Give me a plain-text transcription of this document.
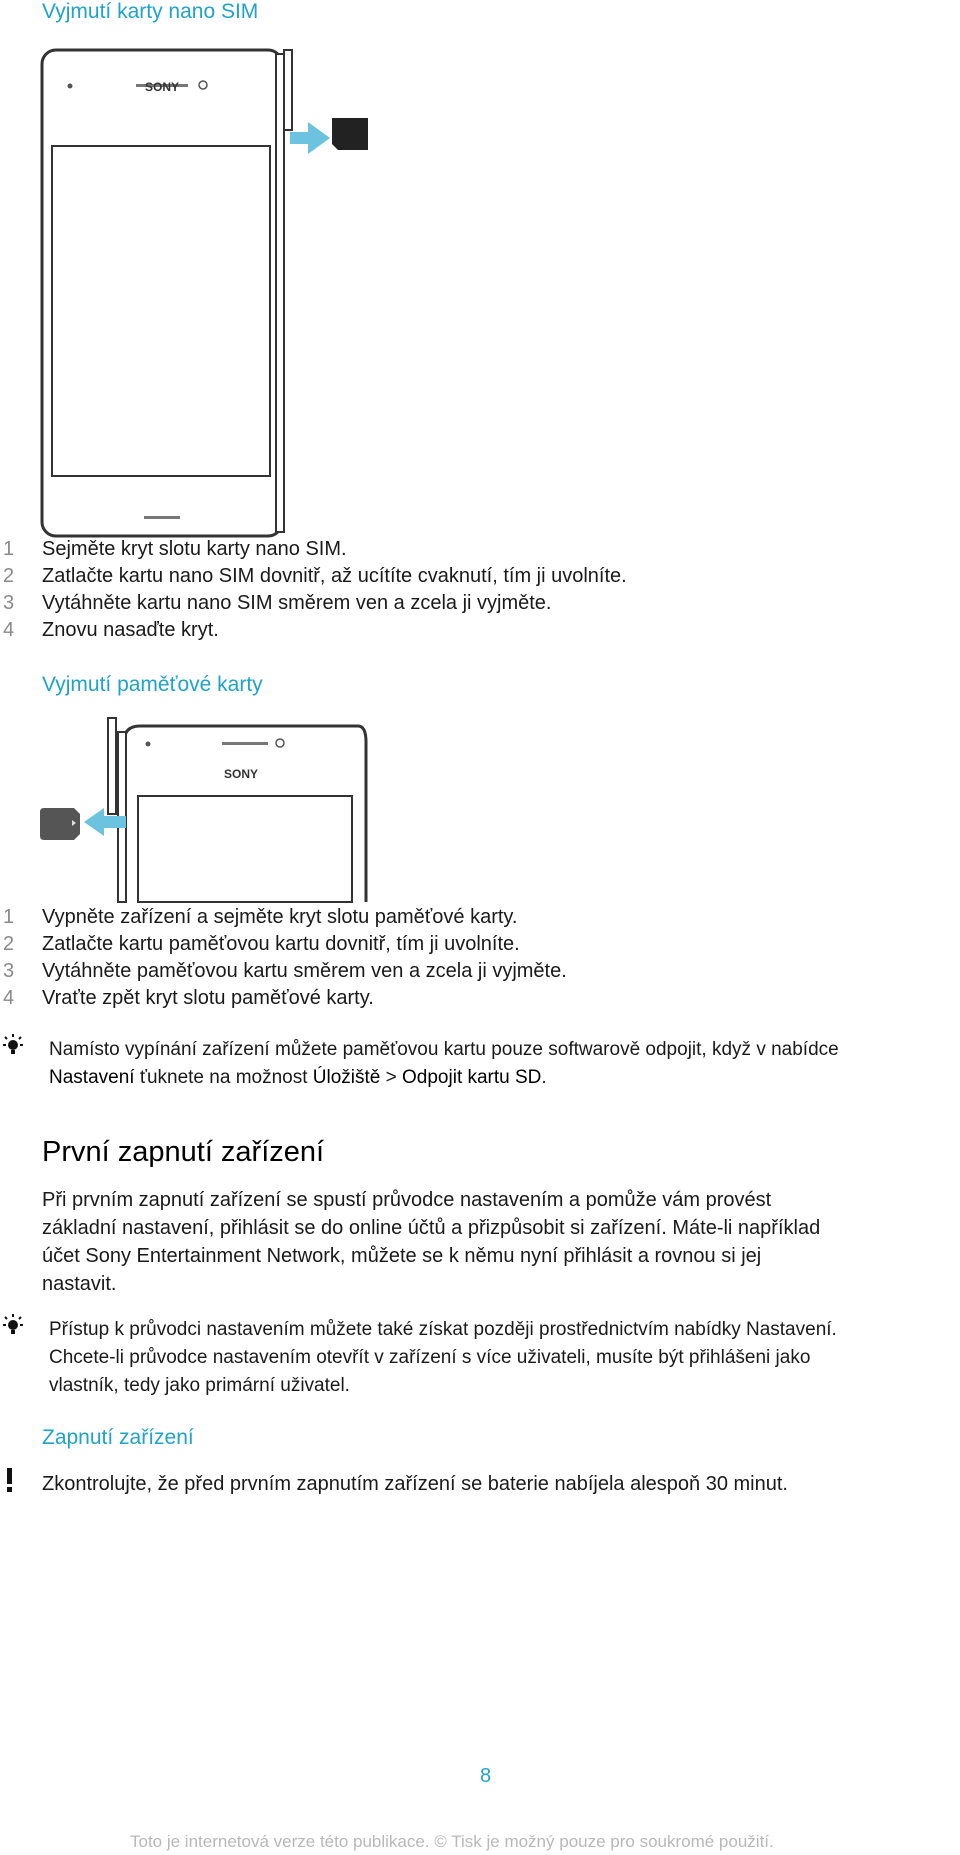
Vyjmutí karty nano SIM
SONY
1	Sejměte kryt slotu karty nano SIM.
2	Zatlačte kartu nano SIM dovnitř, až ucítíte cvaknutí, tím ji uvolníte.
3	Vytáhněte kartu nano SIM směrem ven a zcela ji vyjměte.
4	Znovu nasaďte kryt.
Vyjmutí paměťové karty
SONY
1	Vypněte zařízení a sejměte kryt slotu paměťové karty.
2	Zatlačte kartu paměťovou kartu dovnitř, tím ji uvolníte.
3	Vytáhněte paměťovou kartu směrem ven a zcela ji vyjměte.
4	Vraťte zpět kryt slotu paměťové karty.

Namísto vypínání zařízení můžete paměťovou kartu pouze softwarově odpojit, když v nabídce

Nastavení ťuknete na možnost Úložiště > Odpojit kartu SD.

První zapnutí zařízení

Při prvním zapnutí zařízení se spustí průvodce nastavením a pomůže vám provést

základní nastavení, přihlásit se do online účtů a přizpůsobit si zařízení. Máte-li například

účet Sony Entertainment Network, můžete se k němu nyní přihlásit a rovnou si jej

nastavit.

Přístup k průvodci nastavením můžete také získat později prostřednictvím nabídky Nastavení.

Chcete-li průvodce nastavením otevřít v zařízení s více uživateli, musíte být přihlášeni jako

vlastník, tedy jako primární uživatel.

Zapnutí zařízení
Zkontrolujte, že před prvním zapnutím zařízení se baterie nabíjela alespoň 30 minut.
8
Toto je internetová verze této publikace. © Tisk je možný pouze pro soukromé použití.
